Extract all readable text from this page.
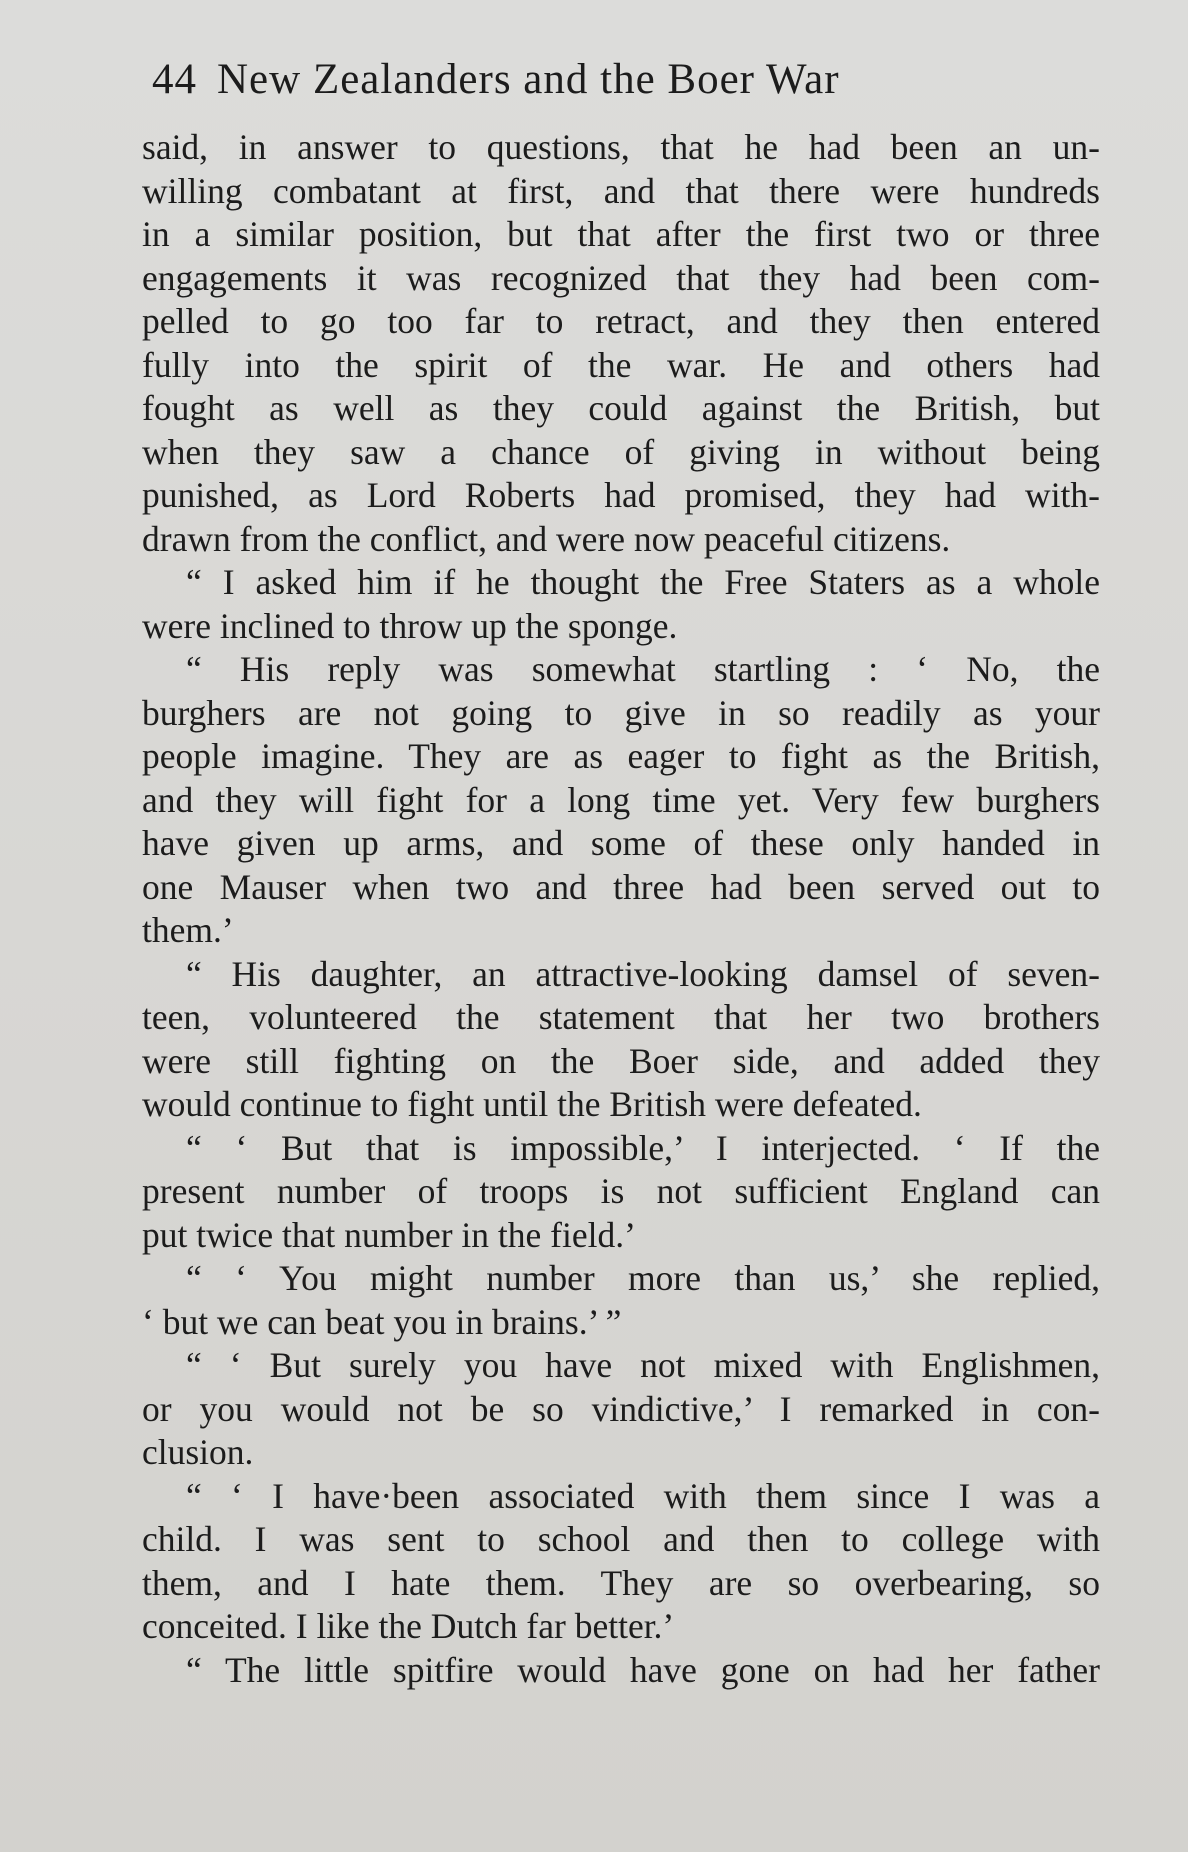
44 New Zealanders and the Boer War
said, in answer to questions, that he had been an un-
willing combatant at first, and that there were hundreds
in a similar position, but that after the first two or three
engagements it was recognized that they had been com-
pelled to go too far to retract, and they then entered
fully into the spirit of the war. He and others had
fought as well as they could against the British, but
when they saw a chance of giving in without being
punished, as Lord Roberts had promised, they had with-
drawn from the conflict, and were now peaceful citizens.
“ I asked him if he thought the Free Staters as a whole
were inclined to throw up the sponge.
“ His reply was somewhat startling : ‘ No, the
burghers are not going to give in so readily as your
people imagine. They are as eager to fight as the British,
and they will fight for a long time yet. Very few burghers
have given up arms, and some of these only handed in
one Mauser when two and three had been served out to
them.’
“ His daughter, an attractive-looking damsel of seven-
teen, volunteered the statement that her two brothers
were still fighting on the Boer side, and added they
would continue to fight until the British were defeated.
“ ‘ But that is impossible,’ I interjected. ‘ If the
present number of troops is not sufficient England can
put twice that number in the field.’
“ ‘ You might number more than us,’ she replied,
‘ but we can beat you in brains.’ ”
“ ‘ But surely you have not mixed with Englishmen,
or you would not be so vindictive,’ I remarked in con-
clusion.
“ ‘ I have·been associated with them since I was a
child. I was sent to school and then to college with
them, and I hate them. They are so overbearing, so
conceited. I like the Dutch far better.’
“ The little spitfire would have gone on had her father
